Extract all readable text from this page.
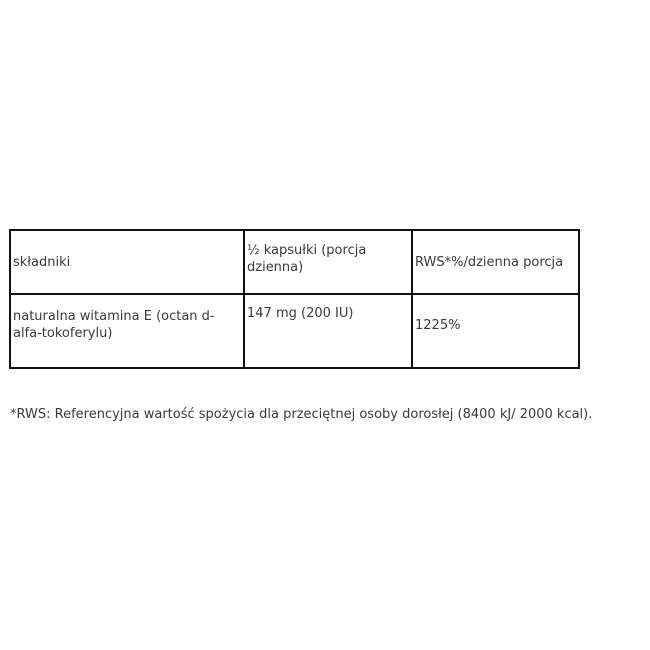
składniki	½ kapsułki (porcja dzienna)	RWS*%/dzienna porcja

naturalna witamina E (octan d-alfa-tokoferylu)	147 mg (200 IU)	1225%
*RWS: Referencyjna wartość spożycia dla przeciętnej osoby dorosłej (8400 kJ/ 2000 kcal).
